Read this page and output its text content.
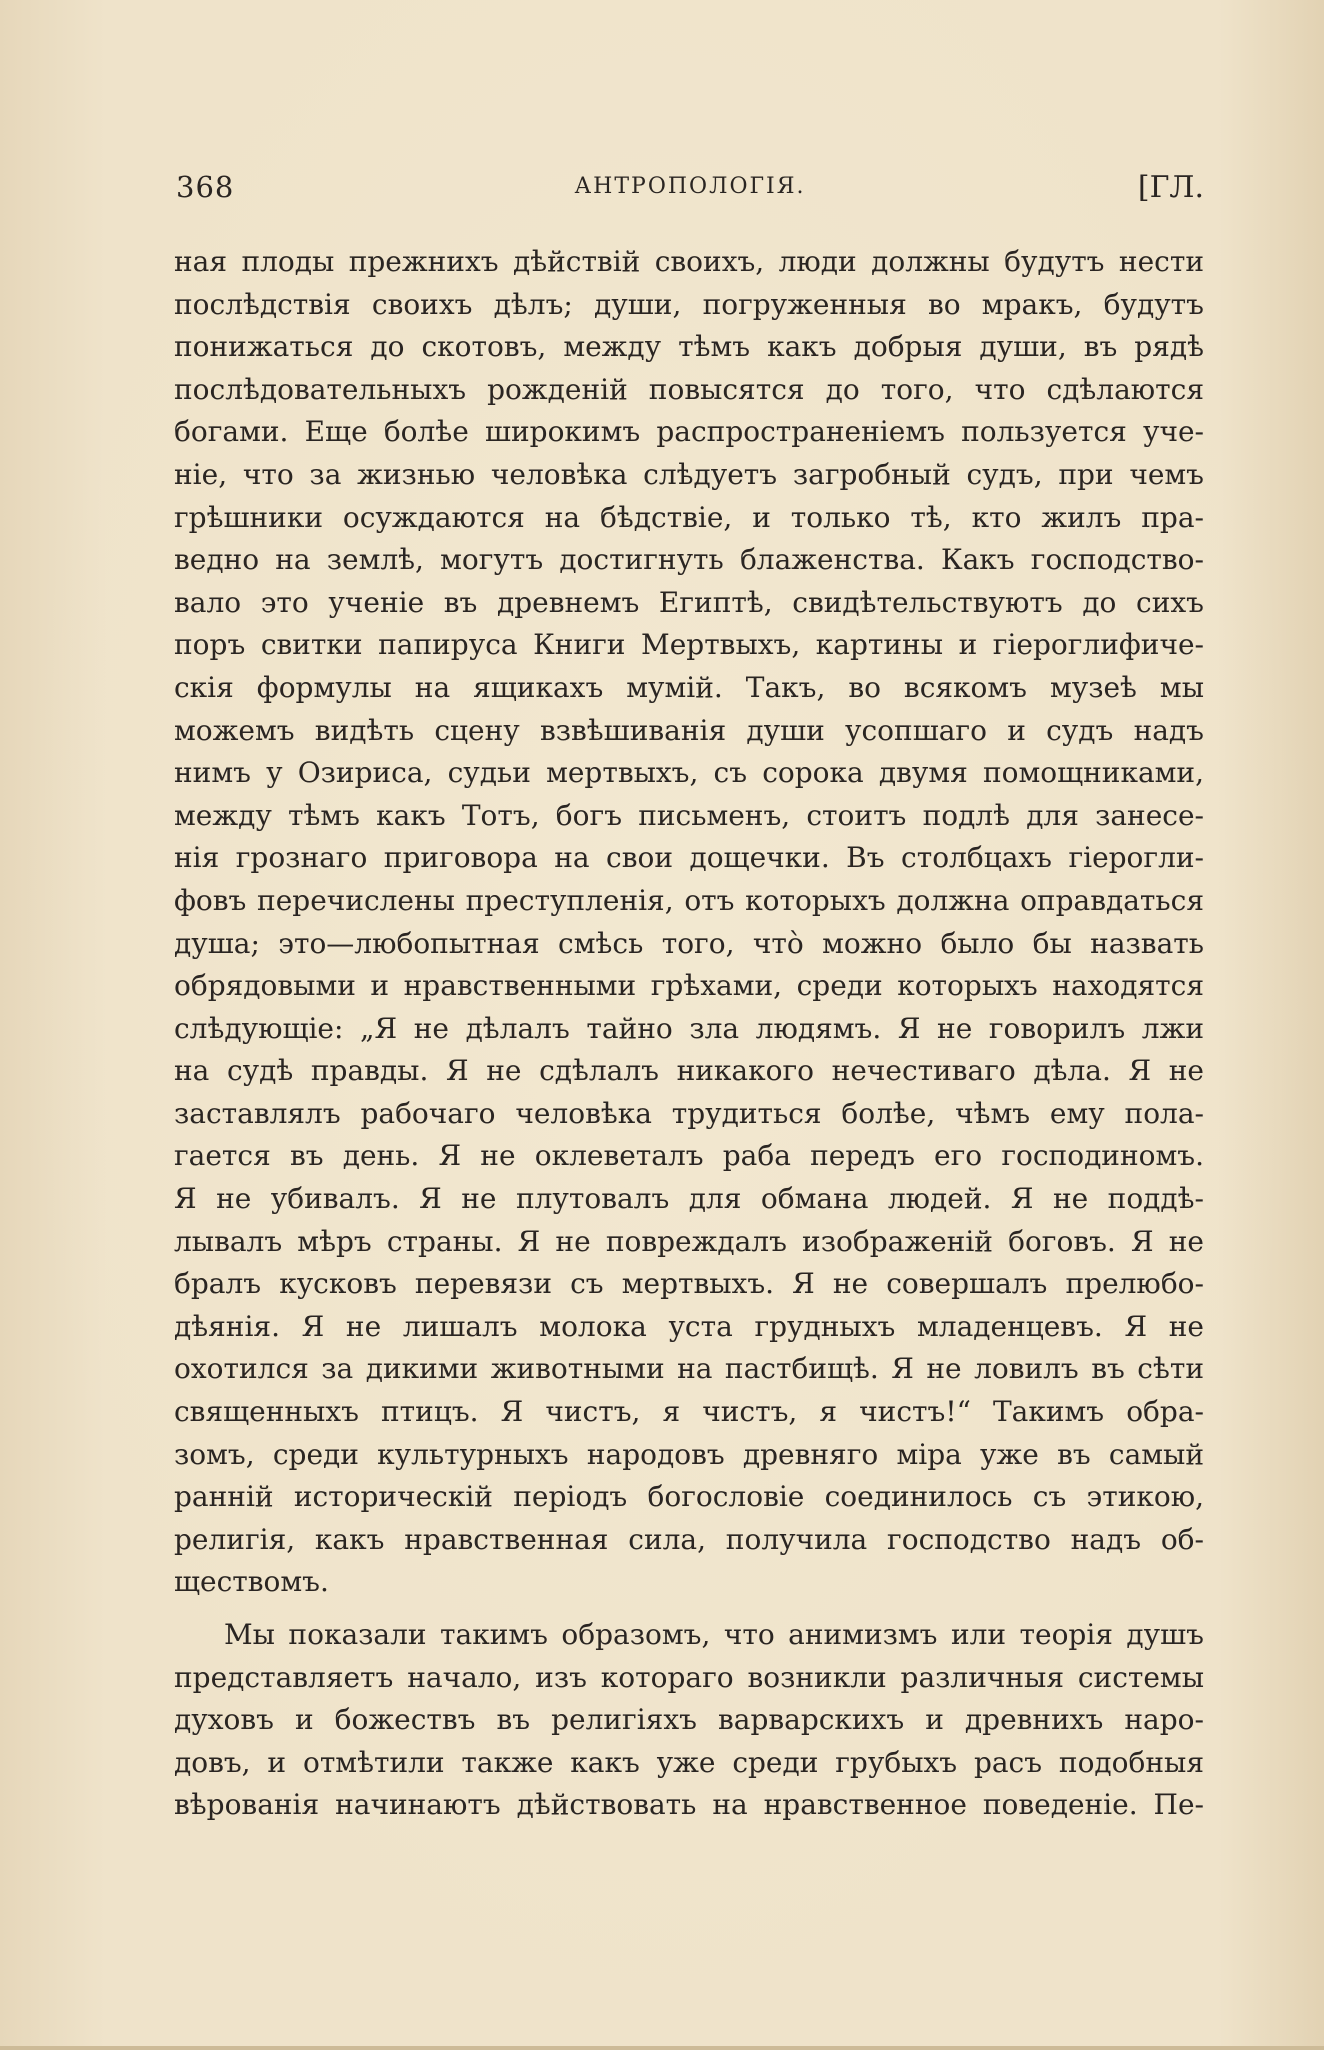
368	АНТРОПОЛОГІЯ.	[ГЛ.
ная плоды прежнихъ дѣйствій своихъ, люди должны будутъ нести
послѣдствія своихъ дѣлъ; души, погруженныя во мракъ, будутъ
понижаться до скотовъ, между тѣмъ какъ добрыя души, въ рядѣ
послѣдовательныхъ рожденій повысятся до того, что сдѣлаются
богами. Еще болѣе широкимъ распространеніемъ пользуется уче-
ніе, что за жизнью человѣка слѣдуетъ загробный судъ, при чемъ
грѣшники осуждаются на бѣдствіе, и только тѣ, кто жилъ пра-
ведно на землѣ, могутъ достигнуть блаженства. Какъ господство-
вало это ученіе въ древнемъ Египтѣ, свидѣтельствуютъ до сихъ
поръ свитки папируса Книги Мертвыхъ, картины и гіероглифиче-
скія формулы на ящикахъ мумій. Такъ, во всякомъ музеѣ мы
можемъ видѣть сцену взвѣшиванія души усопшаго и судъ надъ
нимъ у Озириса, судьи мертвыхъ, съ сорока двумя помощниками,
между тѣмъ какъ Тотъ, богъ письменъ, стоитъ подлѣ для занесе-
нія грознаго приговора на свои дощечки. Въ столбцахъ гіерогли-
фовъ перечислены преступленія, отъ которыхъ должна оправдаться
душа; это—любопытная смѣсь того, что̀ можно было бы назвать
обрядовыми и нравственными грѣхами, среди которыхъ находятся
слѣдующіе: „Я не дѣлалъ тайно зла людямъ. Я не говорилъ лжи
на судѣ правды. Я не сдѣлалъ никакого нечестиваго дѣла. Я не
заставлялъ рабочаго человѣка трудиться болѣе, чѣмъ ему пола-
гается въ день. Я не оклеветалъ раба передъ его господиномъ.
Я не убивалъ. Я не плутовалъ для обмана людей. Я не поддѣ-
лывалъ мѣръ страны. Я не повреждалъ изображеній боговъ. Я не
бралъ кусковъ перевязи съ мертвыхъ. Я не совершалъ прелюбо-
дѣянія. Я не лишалъ молока уста грудныхъ младенцевъ. Я не
охотился за дикими животными на пастбищѣ. Я не ловилъ въ сѣти
священныхъ птицъ. Я чистъ, я чистъ, я чистъ!“ Такимъ обра-
зомъ, среди культурныхъ народовъ древняго міра уже въ самый
ранній историческій періодъ богословіе соединилось съ этикою,
религія, какъ нравственная сила, получила господство надъ об-
ществомъ.
Мы показали такимъ образомъ, что анимизмъ или теорія душъ
представляетъ начало, изъ котораго возникли различныя системы
духовъ и божествъ въ религіяхъ варварскихъ и древнихъ наро-
довъ, и отмѣтили также какъ уже среди грубыхъ расъ подобныя
вѣрованія начинаютъ дѣйствовать на нравственное поведеніе. Пе-
